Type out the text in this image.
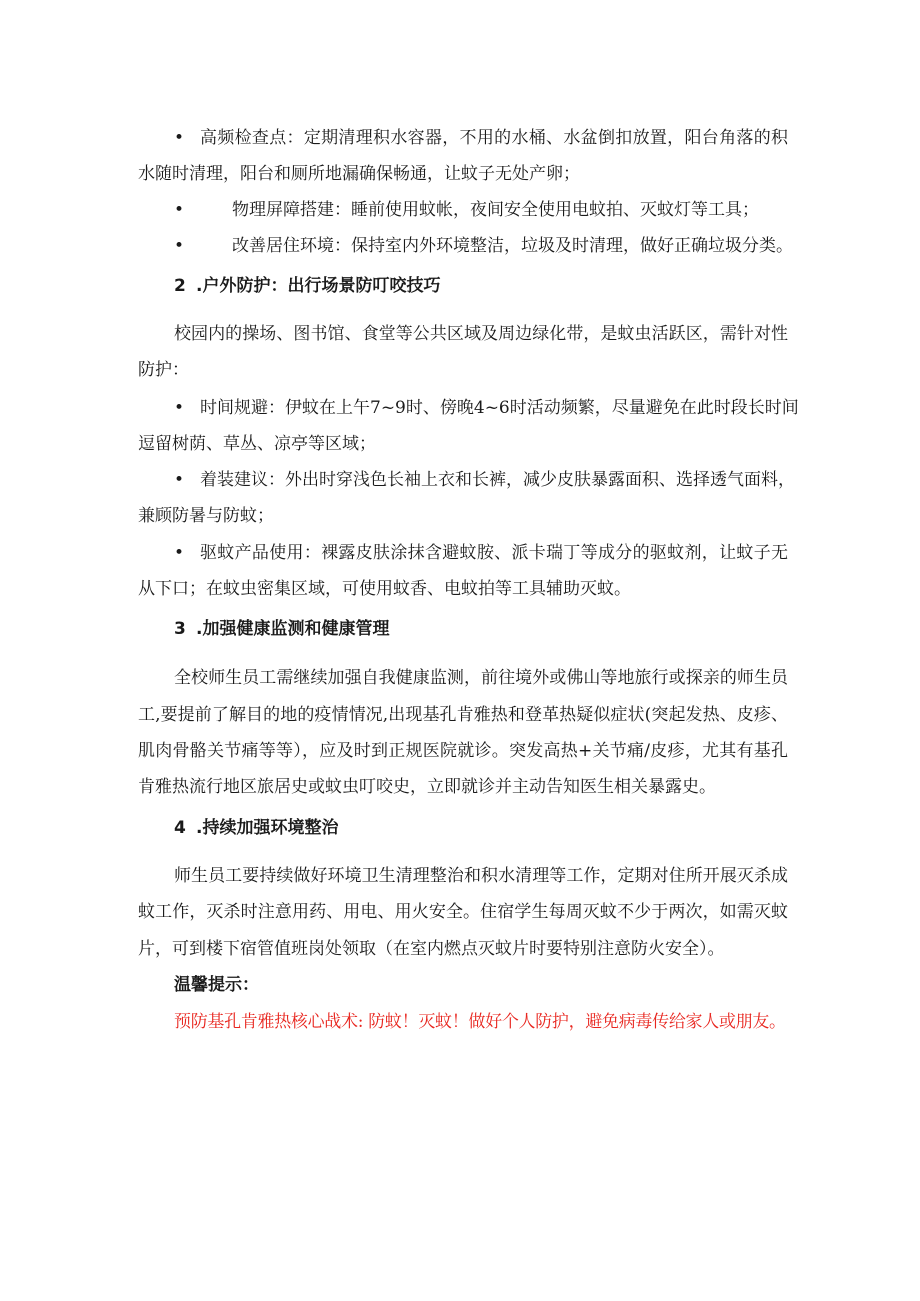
• 高频检查点：定期清理积水容器，不用的水桶、水盆倒扣放置，阳台角落的积

水随时清理，阳台和厕所地漏确保畅通，让蚊子无处产卵；

•	物理屏障搭建：睡前使用蚊帐，夜间安全使用电蚊拍、灭蚊灯等工具；

•	改善居住环境：保持室内外环境整洁，垃圾及时清理，做好正确垃圾分类。

2 .户外防护：出行场景防叮咬技巧

校园内的操场、图书馆、食堂等公共区域及周边绿化带，是蚊虫活跃区，需针对性

防护：

• 时间规避：伊蚊在上午7~9时、傍晚4~6时活动频繁，尽量避免在此时段长时间

逗留树荫、草丛、凉亭等区域；

• 着装建议：外出时穿浅色长袖上衣和长裤，减少皮肤暴露面积、选择透气面料，

兼顾防暑与防蚊；

• 驱蚊产品使用：裸露皮肤涂抹含避蚊胺、派卡瑞丁等成分的驱蚊剂，让蚊子无

从下口；在蚊虫密集区域，可使用蚊香、电蚊拍等工具辅助灭蚊。

3 .加强健康监测和健康管理

全校师生员工需继续加强自我健康监测，前往境外或佛山等地旅行或探亲的师生员

工,要提前了解目的地的疫情情况,出现基孔肯雅热和登革热疑似症状(突起发热、皮疹、

肌肉骨骼关节痛等等），应及时到正规医院就诊。突发高热+关节痛/皮疹，尤其有基孔

肯雅热流行地区旅居史或蚊虫叮咬史，立即就诊并主动告知医生相关暴露史。

4 .持续加强环境整治

师生员工要持续做好环境卫生清理整治和积水清理等工作，定期对住所开展灭杀成

蚊工作，灭杀时注意用药、用电、用火安全。住宿学生每周灭蚊不少于两次，如需灭蚊

片，可到楼下宿管值班岗处领取（在室内燃点灭蚊片时要特别注意防火安全）。

温馨提示：

预防基孔肯雅热核心战术: 防蚊！灭蚊！做好个人防护，避免病毒传给家人或朋友。
